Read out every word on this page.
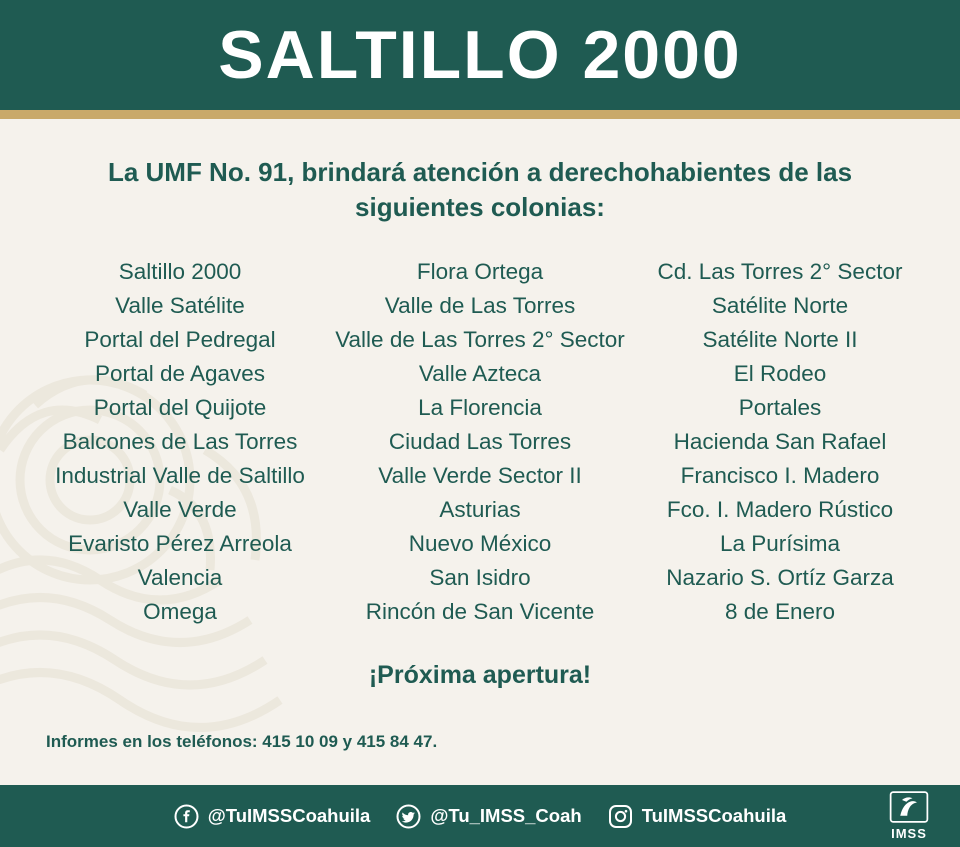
SALTILLO 2000
La UMF No. 91, brindará atención a derechohabientes de las siguientes colonias:
Saltillo 2000
Valle Satélite
Portal del Pedregal
Portal de Agaves
Portal del Quijote
Balcones de Las Torres
Industrial Valle de Saltillo
Valle Verde
Evaristo Pérez Arreola
Valencia
Omega
Flora Ortega
Valle de Las Torres
Valle de Las Torres 2° Sector
Valle Azteca
La Florencia
Ciudad Las Torres
Valle Verde Sector II
Asturias
Nuevo México
San Isidro
Rincón de San Vicente
Cd. Las Torres 2° Sector
Satélite Norte
Satélite Norte II
El Rodeo
Portales
Hacienda San Rafael
Francisco I. Madero
Fco. I. Madero Rústico
La Purísima
Nazario S. Ortíz Garza
8 de Enero
¡Próxima apertura!
Informes en los teléfonos: 415 10 09 y 415 84 47.
@TuIMSSCoahuila	@Tu_IMSS_Coah	TuIMSSCoahuila
IMSS
